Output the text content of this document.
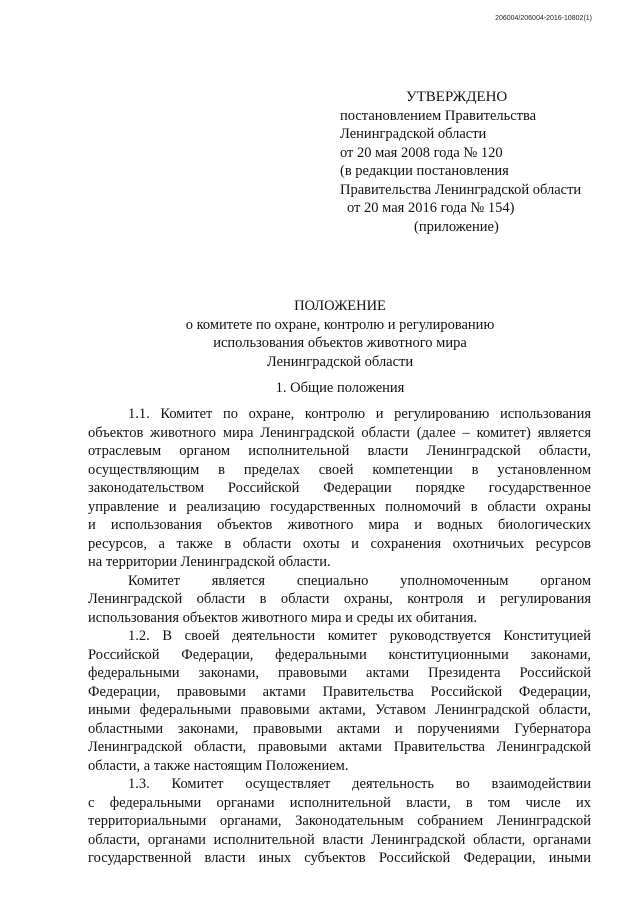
206004/206004-2016-10802(1)
УТВЕРЖДЕНО
постановлением Правительства
Ленинградской области
от 20 мая 2008 года № 120
(в редакции постановления
Правительства Ленинградской области
от 20 мая 2016 года № 154)
(приложение)
ПОЛОЖЕНИЕ
о комитете по охране, контролю и регулированию
использования объектов животного мира
Ленинградской области
1. Общие положения
1.1. Комитет по охране, контролю и регулированию использования
объектов животного мира Ленинградской области (далее – комитет) является
отраслевым органом исполнительной власти Ленинградской области,
осуществляющим в пределах своей компетенции в установленном
законодательством Российской Федерации порядке государственное
управление и реализацию государственных полномочий в области охраны
и использования объектов животного мира и водных биологических
ресурсов, а также в области охоты и сохранения охотничьих ресурсов
на территории Ленинградской области.
Комитет является специально уполномоченным органом
Ленинградской области в области охраны, контроля и регулирования
использования объектов животного мира и среды их обитания.
1.2. В своей деятельности комитет руководствуется Конституцией
Российской Федерации, федеральными конституционными законами,
федеральными законами, правовыми актами Президента Российской
Федерации, правовыми актами Правительства Российской Федерации,
иными федеральными правовыми актами, Уставом Ленинградской области,
областными законами, правовыми актами и поручениями Губернатора
Ленинградской области, правовыми актами Правительства Ленинградской
области, а также настоящим Положением.
1.3. Комитет осуществляет деятельность во взаимодействии
с федеральными органами исполнительной власти, в том числе их
территориальными органами, Законодательным собранием Ленинградской
области, органами исполнительной власти Ленинградской области, органами
государственной власти иных субъектов Российской Федерации, иными
